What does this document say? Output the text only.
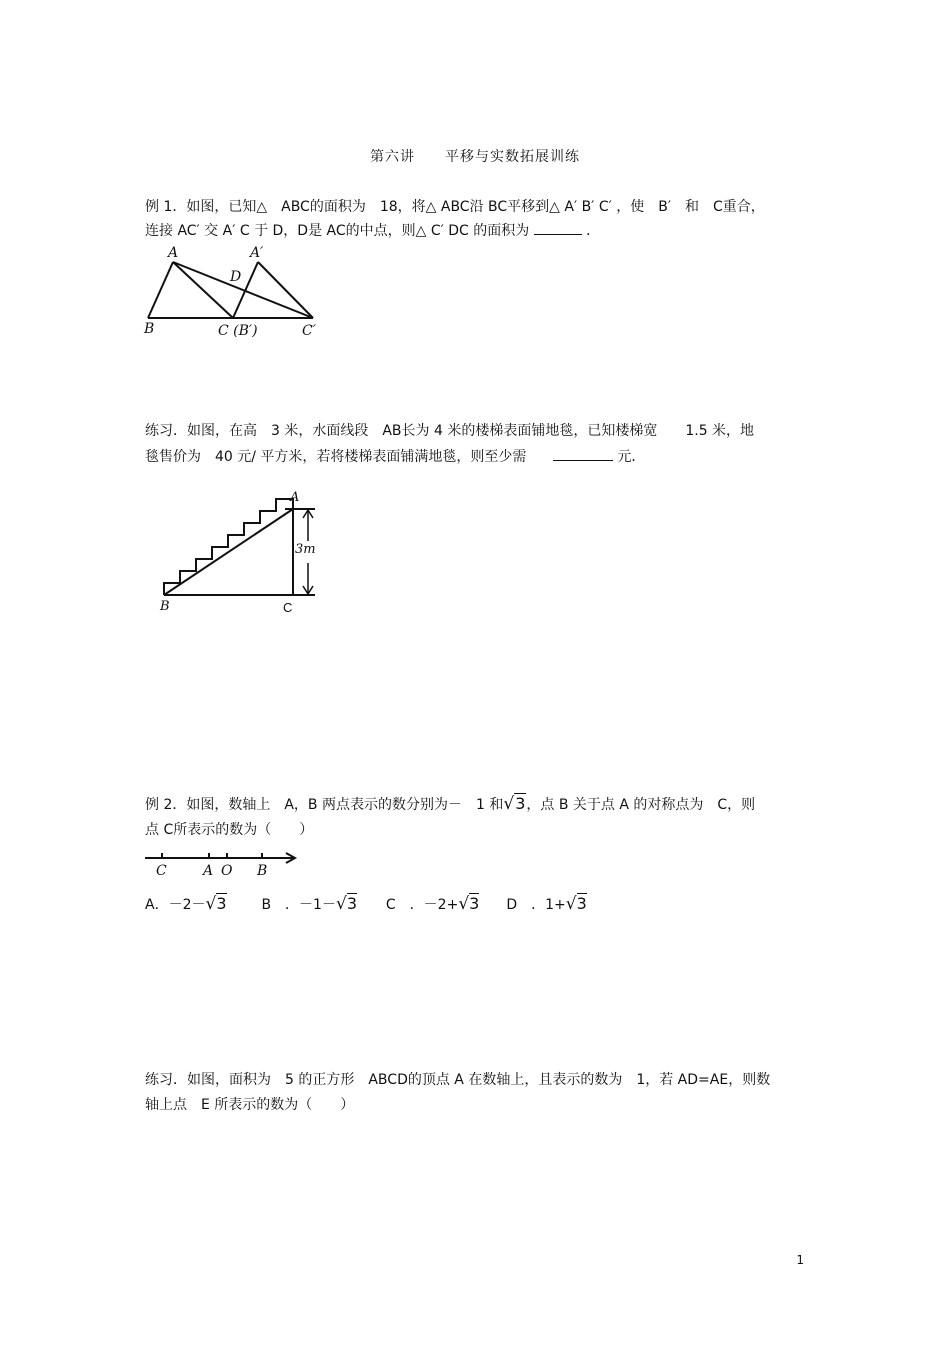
第六讲　　平移与实数拓展训练
例 1．如图，已知△　ABC的面积为　18，将△ ABC沿 BC平移到△ A′ B′ C′ ，使　B′　和　C重合，
连接 AC′ 交 A′ C 于 D，D是 AC的中点，则△ C′ DC 的面积为	．
A	A′
D
B	C (B′)	C′
练习．如图，在高　3 米，水面线段　AB长为 4 米的楼梯表面铺地毯，已知楼梯宽　　1.5 米，地
毯售价为　40 元/ 平方米，若将楼梯表面铺满地毯，则至少需	元．
A
B	C
3m
例 2．如图，数轴上　A，B 两点表示的数分别为－　1 和√3，点 B 关于点 A 的对称点为　C，则
点 C所表示的数为（　　）
C	A O B
A．－2－√3 B　．－1－√3 C　．－2+√3 D　．1+√3
练习．如图，面积为　5 的正方形　ABCD的顶点 A 在数轴上，且表示的数为　1，若 AD=AE，则数
轴上点　E 所表示的数为（　　）
1
